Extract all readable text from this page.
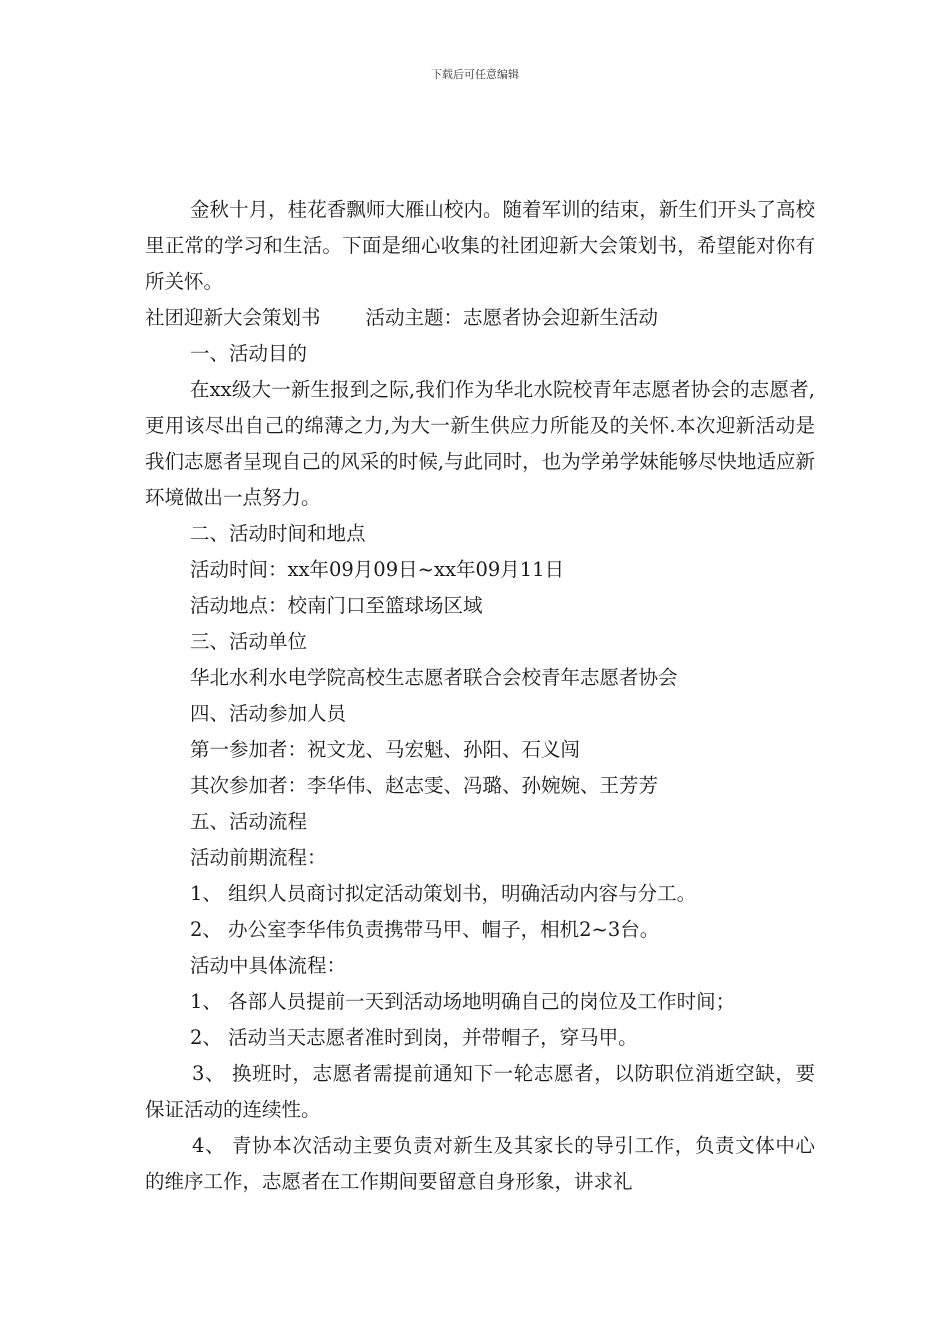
下载后可任意编辑

金秋十月，桂花香飘师大雁山校内。随着军训的结束，新生们开头了高校里正常的学习和生活。下面是细心收集的社团迎新大会策划书，希望能对你有所关怀。

社团迎新大会策划书 活动主题：志愿者协会迎新生活动

一、活动目的

在xx级大一新生报到之际,我们作为华北水院校青年志愿者协会的志愿者,更用该尽出自己的绵薄之力,为大一新生供应力所能及的关怀.本次迎新活动是我们志愿者呈现自己的风采的时候,与此同时，也为学弟学妹能够尽快地适应新环境做出一点努力。

二、活动时间和地点

活动时间：xx年09月09日~xx年09月11日

活动地点：校南门口至篮球场区域

三、活动单位

华北水利水电学院高校生志愿者联合会校青年志愿者协会

四、活动参加人员

第一参加者：祝文龙、马宏魁、孙阳、石义闯

其次参加者：李华伟、赵志雯、冯璐、孙婉婉、王芳芳

五、活动流程

活动前期流程：

1、 组织人员商讨拟定活动策划书，明确活动内容与分工。

2、 办公室李华伟负责携带马甲、帽子，相机2~3台。

活动中具体流程：

1、 各部人员提前一天到活动场地明确自己的岗位及工作时间；

2、 活动当天志愿者准时到岗，并带帽子，穿马甲。

3、 换班时，志愿者需提前通知下一轮志愿者，以防职位消逝空缺，要保证活动的连续性。

4、 青协本次活动主要负责对新生及其家长的导引工作，负责文体中心的维序工作，志愿者在工作期间要留意自身形象，讲求礼
